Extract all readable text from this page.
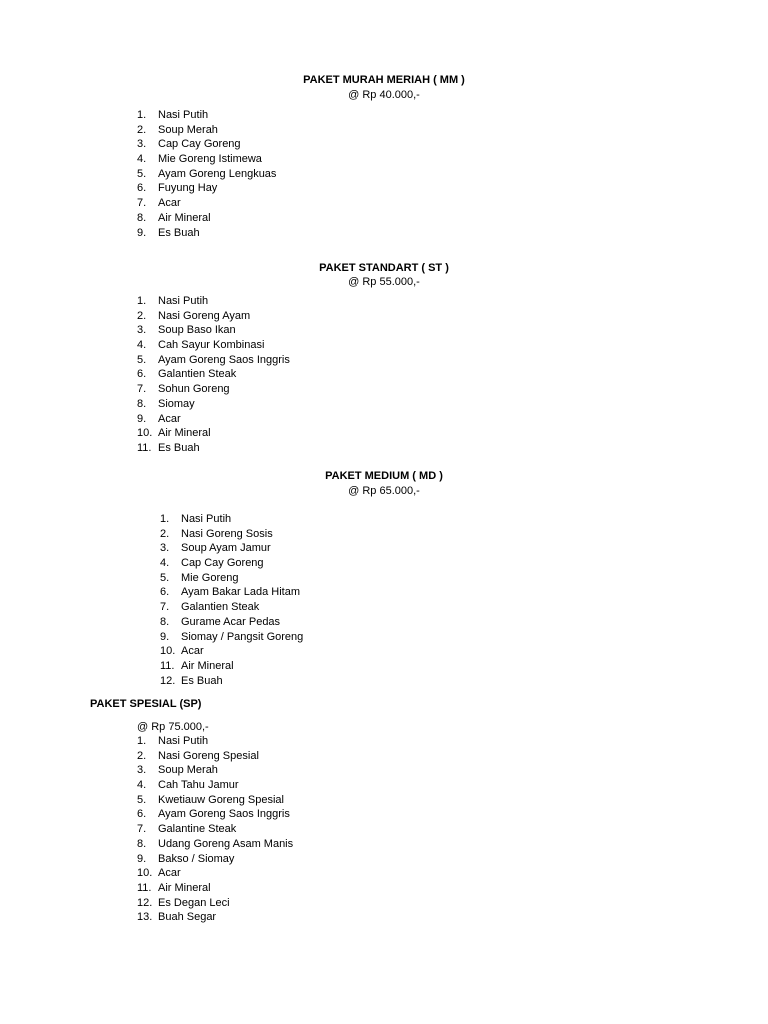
PAKET MURAH MERIAH ( MM )
@ Rp 40.000,-
1. Nasi Putih
2. Soup Merah
3. Cap Cay Goreng
4. Mie Goreng Istimewa
5. Ayam Goreng Lengkuas
6. Fuyung Hay
7. Acar
8. Air Mineral
9. Es Buah
PAKET STANDART ( ST )
@ Rp 55.000,-
1. Nasi Putih
2. Nasi Goreng Ayam
3. Soup Baso Ikan
4. Cah Sayur Kombinasi
5. Ayam Goreng Saos Inggris
6. Galantien Steak
7. Sohun Goreng
8. Siomay
9. Acar
10. Air Mineral
11. Es Buah
PAKET MEDIUM ( MD )
@ Rp 65.000,-
1. Nasi Putih
2. Nasi Goreng Sosis
3. Soup Ayam Jamur
4. Cap Cay Goreng
5. Mie Goreng
6. Ayam Bakar Lada Hitam
7. Galantien Steak
8. Gurame Acar Pedas
9. Siomay / Pangsit Goreng
10. Acar
11. Air Mineral
12. Es Buah
PAKET SPESIAL (SP)
@ Rp 75.000,-
1. Nasi Putih
2. Nasi Goreng Spesial
3. Soup Merah
4. Cah Tahu Jamur
5. Kwetiauw Goreng Spesial
6. Ayam Goreng Saos Inggris
7. Galantine Steak
8. Udang Goreng Asam Manis
9. Bakso / Siomay
10. Acar
11. Air Mineral
12. Es Degan Leci
13. Buah Segar
